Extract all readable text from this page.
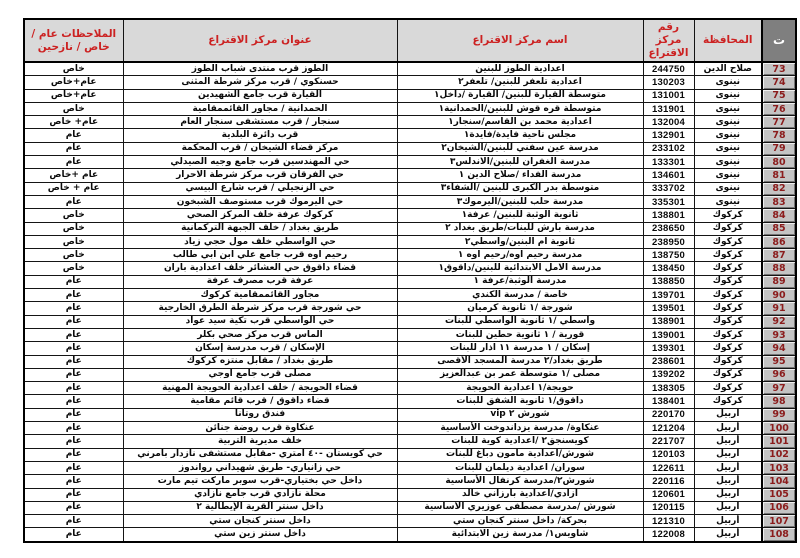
ت	المحافظة	رقم مركز الاقتراع	اسم مركز الاقتراع	عنوان مركز الاقتراع	الملاحظات عام / خاص / نازحين
73	صلاح الدين	244750	اعدادية الطوز للبنين	الطوز قرب منتدى شباب الطوز	خاص
74	نينوى	130203	اعدادية تلعفر للبنين/ تلعفر٢	حسنكوي / قرب مركز شرطة المثنى	عام+خاص
75	نينوى	131001	متوسطة القيارة للبنين/ القيارة /داخل١	القيارة قرب جامع الشهيدين	عام+خاص
76	نينوى	131901	متوسطة قره قوش للبنين/الحمدانية١	الحمدانية / مجاور القائممقامية	خاص
77	نينوى	132004	اعدادية محمد بن القاسم/سنجار١	سنجار / قرب مستشفى سنجار العام	عام+ خاص
78	نينوى	132901	مجلس ناحية فايدة/فايدة١	قرب دائرة البلدية	عام
79	نينوى	233102	مدرسة عين سفني للبنين/الشيخان٢	مركز قضاء الشيخان / قرب المحكمة	عام
80	نينوى	133301	مدرسة الغفران للبنين/الاندلس٣	حي المهندسين قرب جامع وجيه الصيدلي	عام
81	نينوى	134601	مدرسة الفداء /صلاح الدين ١	حي الفرقان قرب مركز شرطة الاحرار	عام +خاص
82	نينوى	333702	متوسطة بدر الكبرى للبنين /الشفاء٣	حي الزنجيلي / قرب شارع البيسي	عام + خاص
83	نينوى	335301	مدرسة حلب للبنين/اليرموك٣	حي اليرموك قرب مستوصف الشبخون	عام
84	كركوك	138801	ثانوية الوثبة للبنين/ عرفة١	كركوك عرفة خلف المركز الصحي	خاص
85	كركوك	238650	مدرسة بارش للبنات/طريق بغداد ٢	طريق بغداد / خلف الجبهة التركمانية	خاص
86	كركوك	238950	ثانوية ام البنين/واسطي٢	حي الواسطي خلف مول حجي زياد	خاص
87	كركوك	138750	مدرسة رحيم اوه/رحيم اوه ١	رحيم اوه قرب جامع علي ابن ابي طالب	خاص
88	كركوك	138450	مدرسة الامل الابتدائية للبنين/داقوق١	قضاء داقوق حي العشائر خلف اعدادية باران	خاص
89	كركوك	138850	مدرسة الوثبة/عرفة ١	عرفة قرب مصرف عرفة	عام
90	كركوك	139701	خاصة / مدرسة الكندي	مجاور القائممقامية كركوك	عام
91	كركوك	139501	شورجة /١ ثانوية كرميان	حي شورجة قرب مركز شرطة الطرق الخارجية	عام
92	كركوك	138901	واسطي /١ ثانوية الواسطي للبنات	حي الواسطي قرب تكية سيد عواد	عام
93	كركوك	139001	قورية / ١ ثانوية حطين للبنات	الماس قرب مركز صحي بكلر	عام
94	كركوك	139301	إسكان / ١ مدرسة ١١ اذار للبنات	الإسكان / قرب مدرسة إسكان	عام
95	كركوك	238601	طريق بغداد/٢ مدرسة المسجد الأقصى	طريق بغداد / مقابل منتزه كركوك	عام
96	كركوك	139202	مصلى /١ متوسطة عمر بن عبدالعزيز	مصلى قرب جامع اوجي	عام
97	كركوك	138305	حويجة/١ اعدادية الحويجة	قضاء الحويجة / خلف اعدادية الحويجة المهنية	عام
98	كركوك	138401	داقوق/١ ثانوية الشفق للبنات	قضاء داقوق / قرب قائم مقامية	عام
99	أربيل	220170	شورش ٢ vip	فندق روتانا	عام
100	أربيل	121204	عنكاوة/ مدرسة يزداندوخت الأساسية	عنكاوة قرب روضة جنائن	عام
101	أربيل	221707	كويسنجق٢ /اعدادية كوية للبنات	خلف مديرية التربية	عام
102	أربيل	120103	شورش/اعدادية مأمون دباغ للبنات	حي كويستان -٤٠ امتري -مقابل مستشفى نازدار بامرني	عام
103	أربيل	122611	سوران/ اعدادية ديلمان للبنات	حي زانياري- طريق شهيداني رواندوز	عام
104	أربيل	220116	شورش٢/مدرسة كرنفال الأساسية	داخل حي بختياري-قرب سوبر ماركت تيم مارت	عام
105	أربيل	120601	ازادي/اعدادية بارزاني خالد	محلة نازادي قرب جامع نازادي	عام
106	أربيل	120115	شورش /مدرسة مصطفى عوزيري الأساسية	داخل سنتر القرية الإيطالية ٢	عام
107	أربيل	121310	بحركة/ داخل سنتر كنجان ستي	داخل سنتر كنجان ستي	عام
108	أربيل	122008	شاويس١/ مدرسة زين الابتدائية	داخل سنتر زين ستي	عام
